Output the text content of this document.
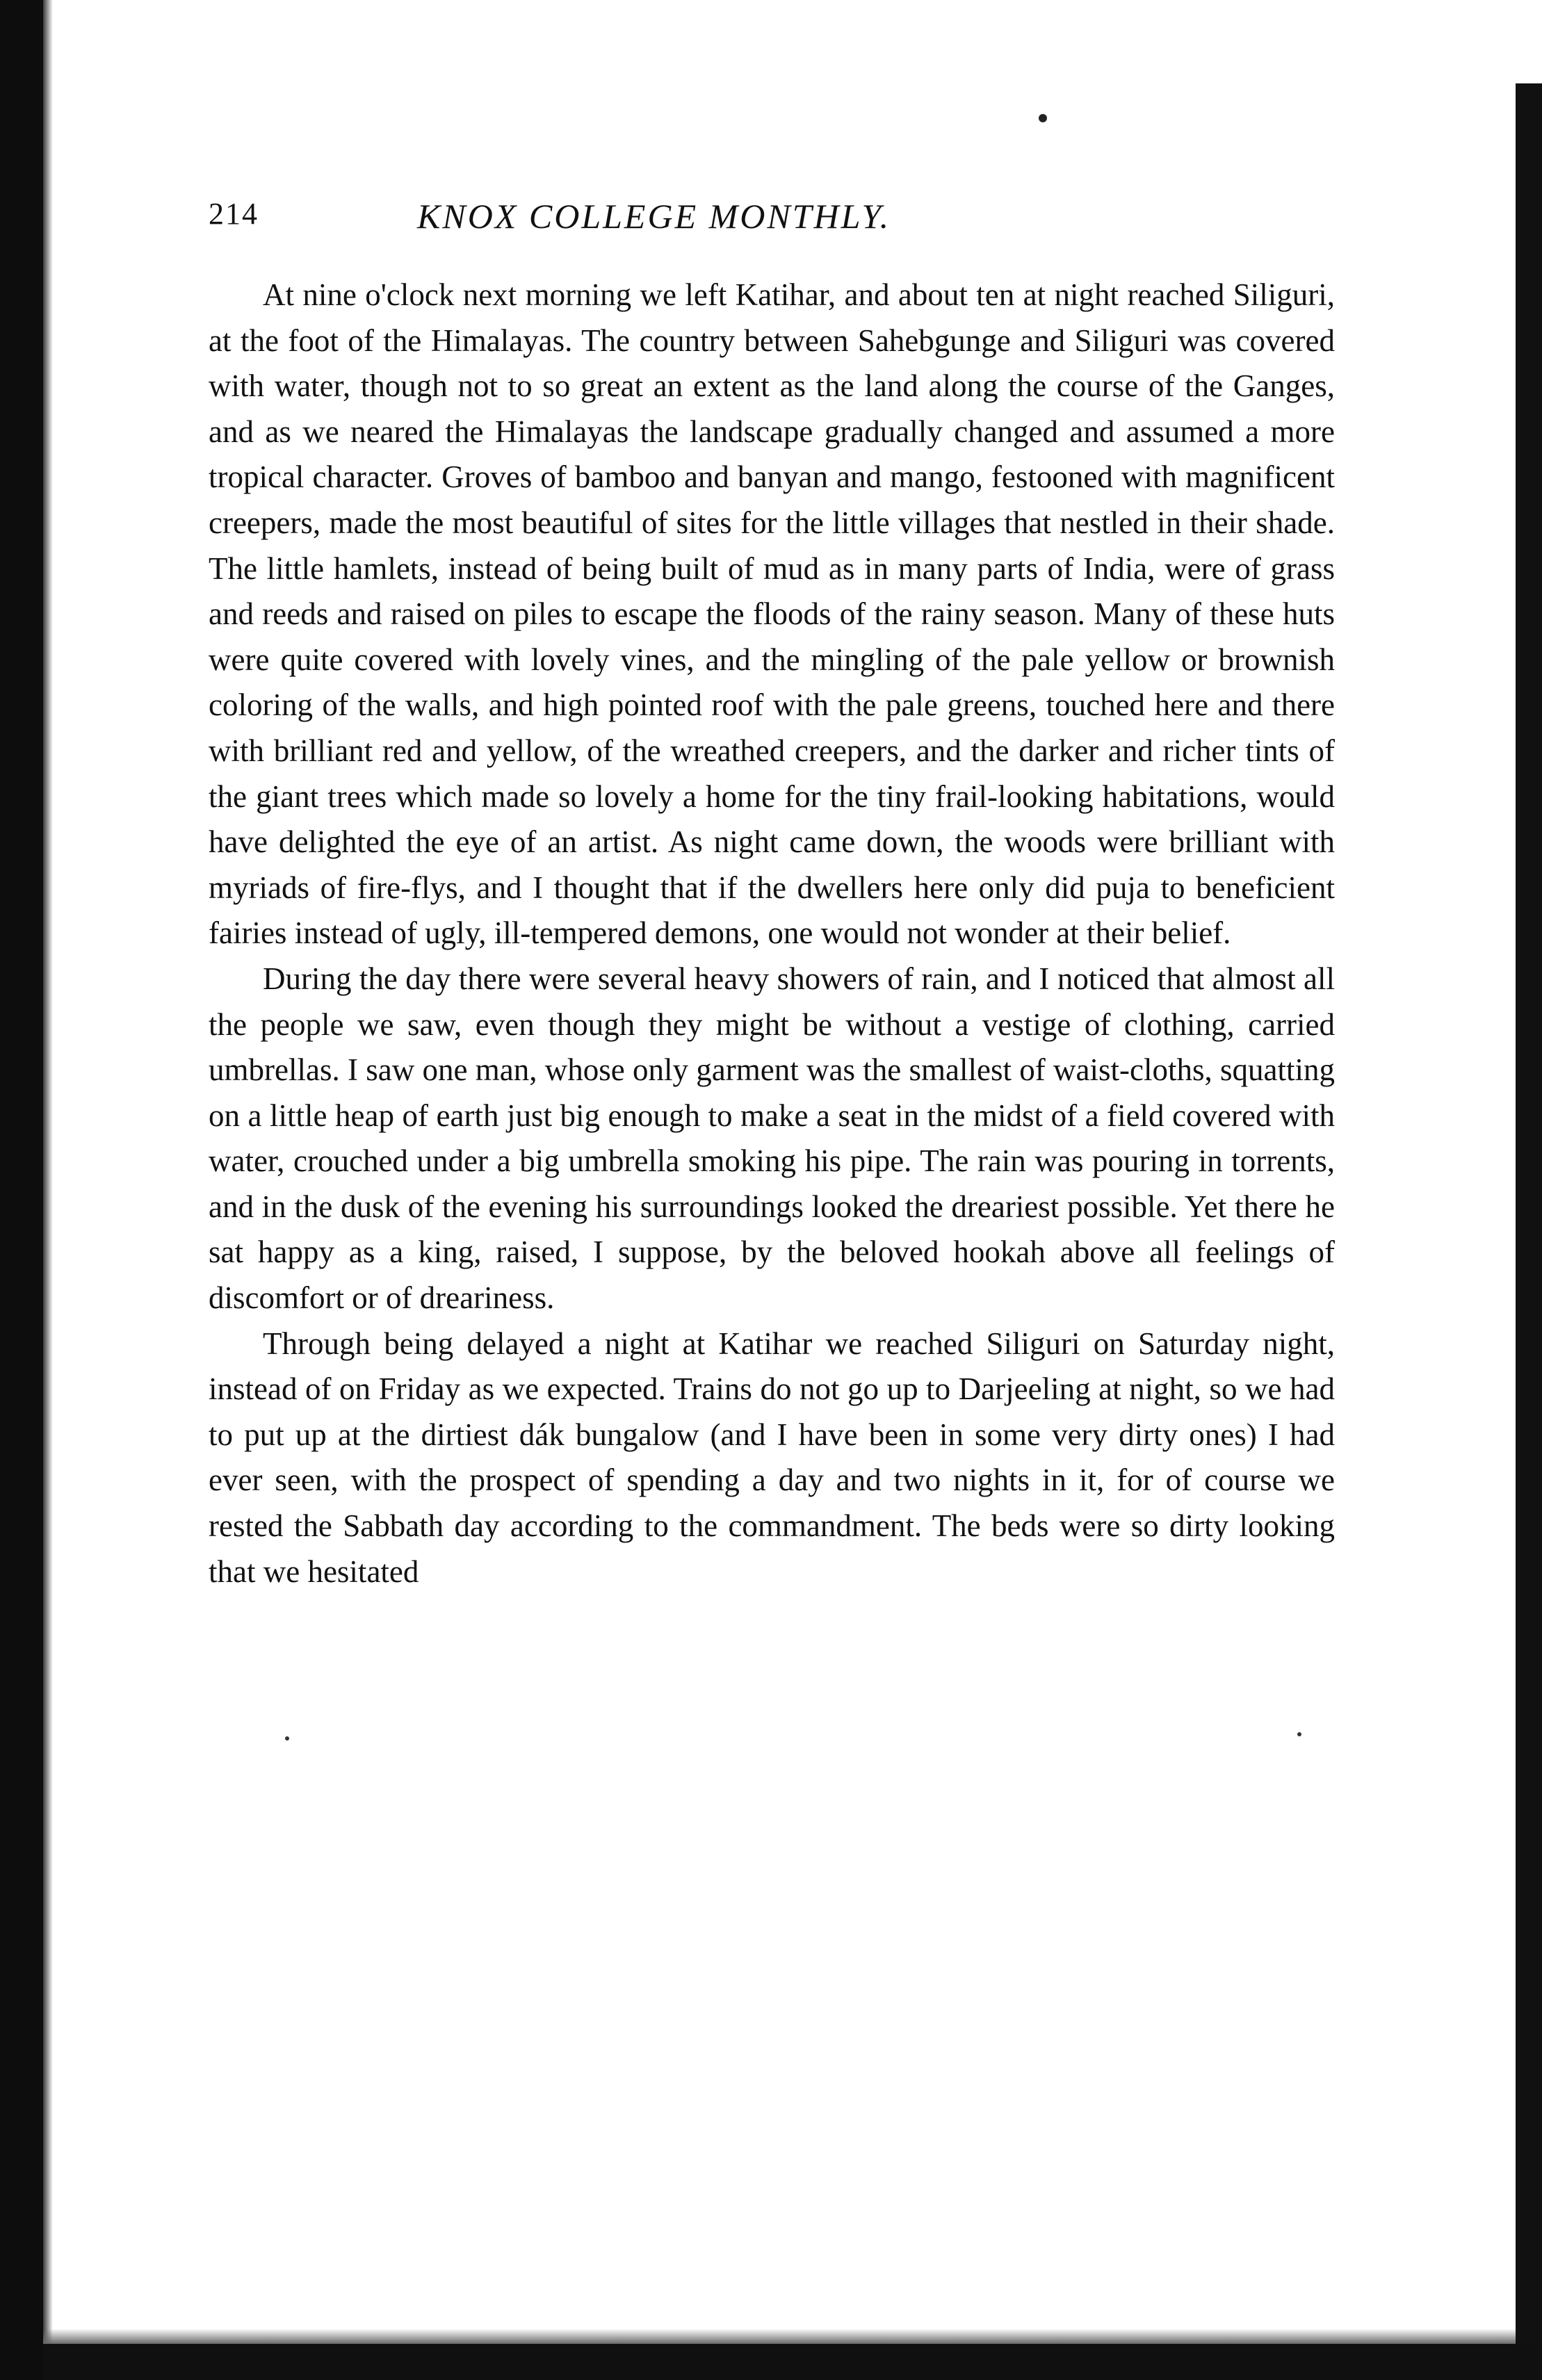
214	KNOX COLLEGE MONTHLY.

At nine o'clock next morning we left Katihar, and about ten at night reached Siliguri, at the foot of the Himalayas. The country between Sahebgunge and Siliguri was covered with water, though not to so great an extent as the land along the course of the Ganges, and as we neared the Himalayas the landscape gradually changed and assumed a more tropical character. Groves of bamboo and banyan and mango, festooned with magnificent creepers, made the most beautiful of sites for the little villages that nestled in their shade. The little hamlets, instead of being built of mud as in many parts of India, were of grass and reeds and raised on piles to escape the floods of the rainy season. Many of these huts were quite covered with lovely vines, and the mingling of the pale yellow or brownish coloring of the walls, and high pointed roof with the pale greens, touched here and there with brilliant red and yellow, of the wreathed creepers, and the darker and richer tints of the giant trees which made so lovely a home for the tiny frail-looking habitations, would have delighted the eye of an artist. As night came down, the woods were brilliant with myriads of fire-flys, and I thought that if the dwellers here only did puja to beneficient fairies instead of ugly, ill-tempered demons, one would not wonder at their belief.

During the day there were several heavy showers of rain, and I noticed that almost all the people we saw, even though they might be without a vestige of clothing, carried umbrellas. I saw one man, whose only garment was the smallest of waist-cloths, squatting on a little heap of earth just big enough to make a seat in the midst of a field covered with water, crouched under a big umbrella smoking his pipe. The rain was pouring in torrents, and in the dusk of the evening his surroundings looked the dreariest possible. Yet there he sat happy as a king, raised, I suppose, by the beloved hookah above all feelings of discomfort or of dreariness.

Through being delayed a night at Katihar we reached Siliguri on Saturday night, instead of on Friday as we expected. Trains do not go up to Darjeeling at night, so we had to put up at the dirtiest dák bungalow (and I have been in some very dirty ones) I had ever seen, with the prospect of spending a day and two nights in it, for of course we rested the Sabbath day according to the commandment. The beds were so dirty looking that we hesitated
